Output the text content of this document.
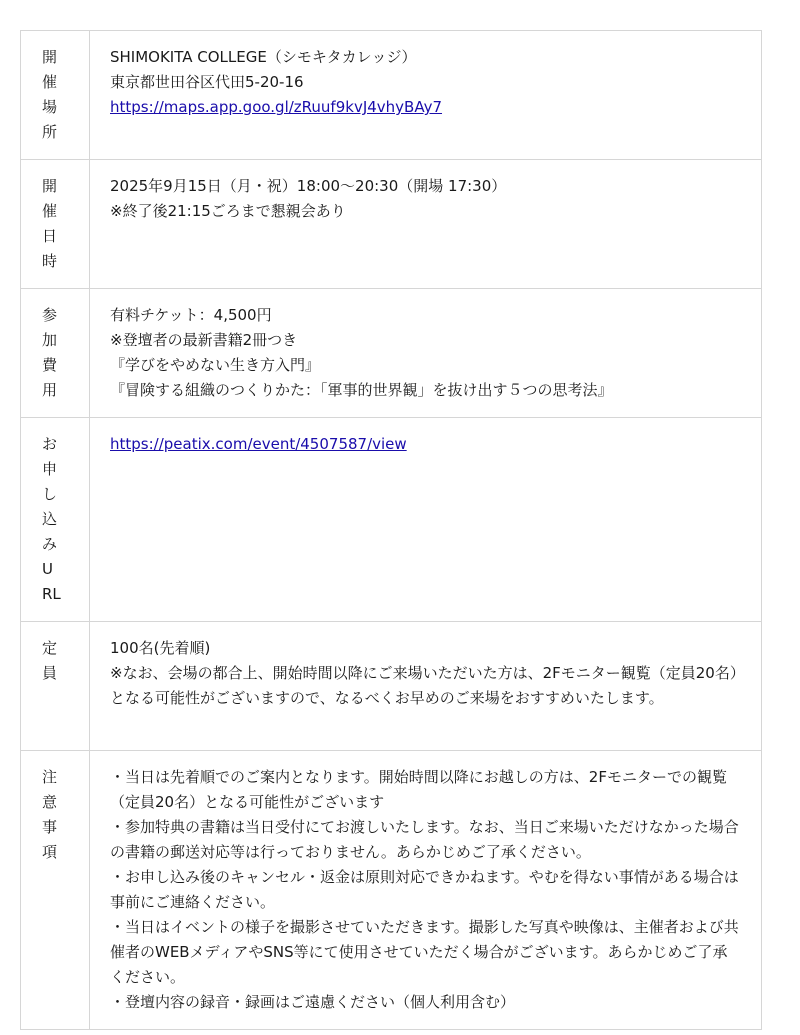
開催場所	SHIMOKITA COLLEGE（シモキタカレッジ）
東京都世田谷区代田5-20-16
https://maps.app.goo.gl/zRuuf9kvJ4vhyBAy7

開催日時	2025年9月15日（月・祝）18:00〜20:30（開場 17:30）
※終了後21:15ごろまで懇親会あり

参加費用	有料チケット：4,500円
※登壇者の最新書籍2冊つき
『学びをやめない生き方入門』
『冒険する組織のつくりかた：「軍事的世界観」を抜け出す５つの思考法』

お申し込みURL	https://peatix.com/event/4507587/view

定員	100名(先着順)
※なお、会場の都合上、開始時間以降にご来場いただいた方は、2Fモニター観覧（定員20名）となる可能性がございますので、なるべくお早めのご来場をおすすめいたします。

注意事項	・当日は先着順でのご案内となります。開始時間以降にお越しの方は、2Fモニターでの観覧（定員20名）となる可能性がございます
・参加特典の書籍は当日受付にてお渡しいたします。なお、当日ご来場いただけなかった場合の書籍の郵送対応等は行っておりません。あらかじめご了承ください。
・お申し込み後のキャンセル・返金は原則対応できかねます。やむを得ない事情がある場合は事前にご連絡ください。
・当日はイベントの様子を撮影させていただきます。撮影した写真や映像は、主催者および共催者のWEBメディアやSNS等にて使用させていただく場合がございます。あらかじめご了承ください。
・登壇内容の録音・録画はご遠慮ください（個人利用含む）
